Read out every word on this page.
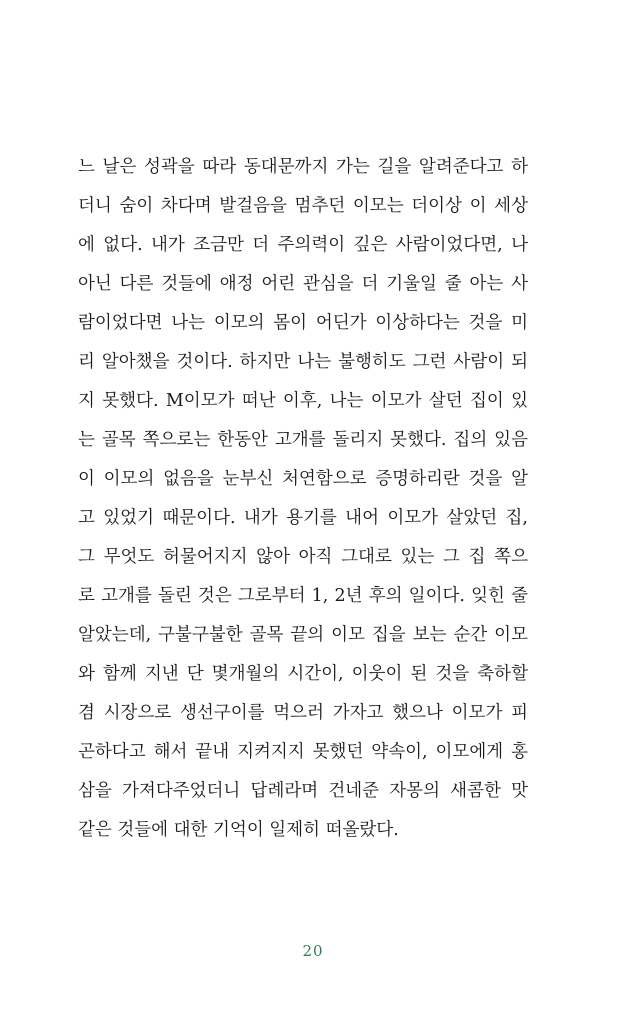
느 날은 성곽을 따라 동대문까지 가는 길을 알려준다고 하
더니 숨이 차다며 발걸음을 멈추던 이모는 더이상 이 세상
에 없다. 내가 조금만 더 주의력이 깊은 사람이었다면, 나
아닌 다른 것들에 애정 어린 관심을 더 기울일 줄 아는 사
람이었다면 나는 이모의 몸이 어딘가 이상하다는 것을 미
리 알아챘을 것이다. 하지만 나는 불행히도 그런 사람이 되
지 못했다. M이모가 떠난 이후, 나는 이모가 살던 집이 있
는 골목 쪽으로는 한동안 고개를 돌리지 못했다. 집의 있음
이 이모의 없음을 눈부신 처연함으로 증명하리란 것을 알
고 있었기 때문이다. 내가 용기를 내어 이모가 살았던 집,
그 무엇도 허물어지지 않아 아직 그대로 있는 그 집 쪽으
로 고개를 돌린 것은 그로부터 1, 2년 후의 일이다. 잊힌 줄
알았는데, 구불구불한 골목 끝의 이모 집을 보는 순간 이모
와 함께 지낸 단 몇개월의 시간이, 이웃이 된 것을 축하할
겸 시장으로 생선구이를 먹으러 가자고 했으나 이모가 피
곤하다고 해서 끝내 지켜지지 못했던 약속이, 이모에게 홍
삼을 가져다주었더니 답례라며 건네준 자몽의 새콤한 맛
같은 것들에 대한 기억이 일제히 떠올랐다.
20
